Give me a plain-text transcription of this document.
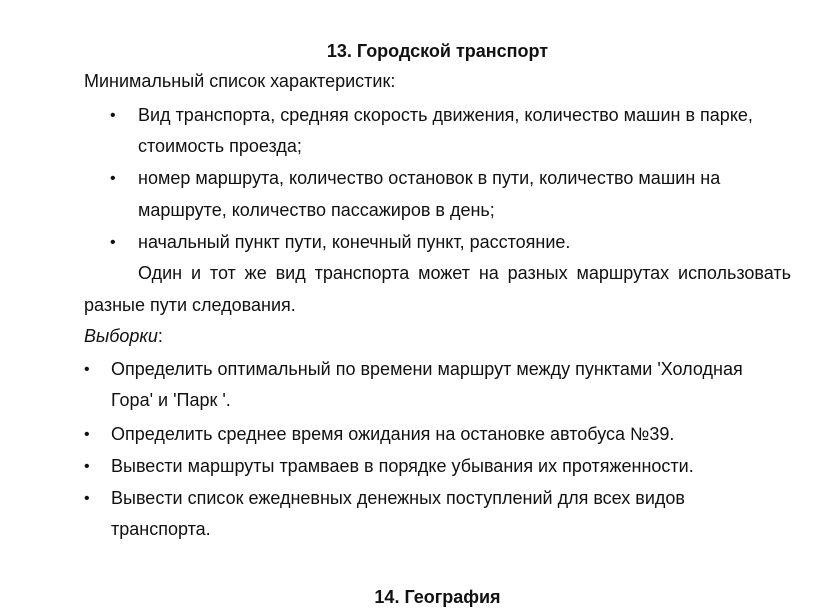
13. Городской транспорт
Минимальный список характеристик:
• Вид транспорта, средняя скорость движения, количество машин в парке,
стоимость проезда;
• номер маршрута, количество остановок в пути, количество машин на
маршруте, количество пассажиров в день;
• начальный пункт пути, конечный пункт, расстояние.
Один и тот же вид транспорта может на разных маршрутах использовать
разные пути следования.
Выборки:
• Определить оптимальный по времени маршрут между пунктами 'Холодная
Гора' и 'Парк '.
• Определить среднее время ожидания на остановке автобуса №39.
• Вывести маршруты трамваев в порядке убывания их протяженности.
• Вывести список ежедневных денежных поступлений для всех видов
транспорта.
14. География
